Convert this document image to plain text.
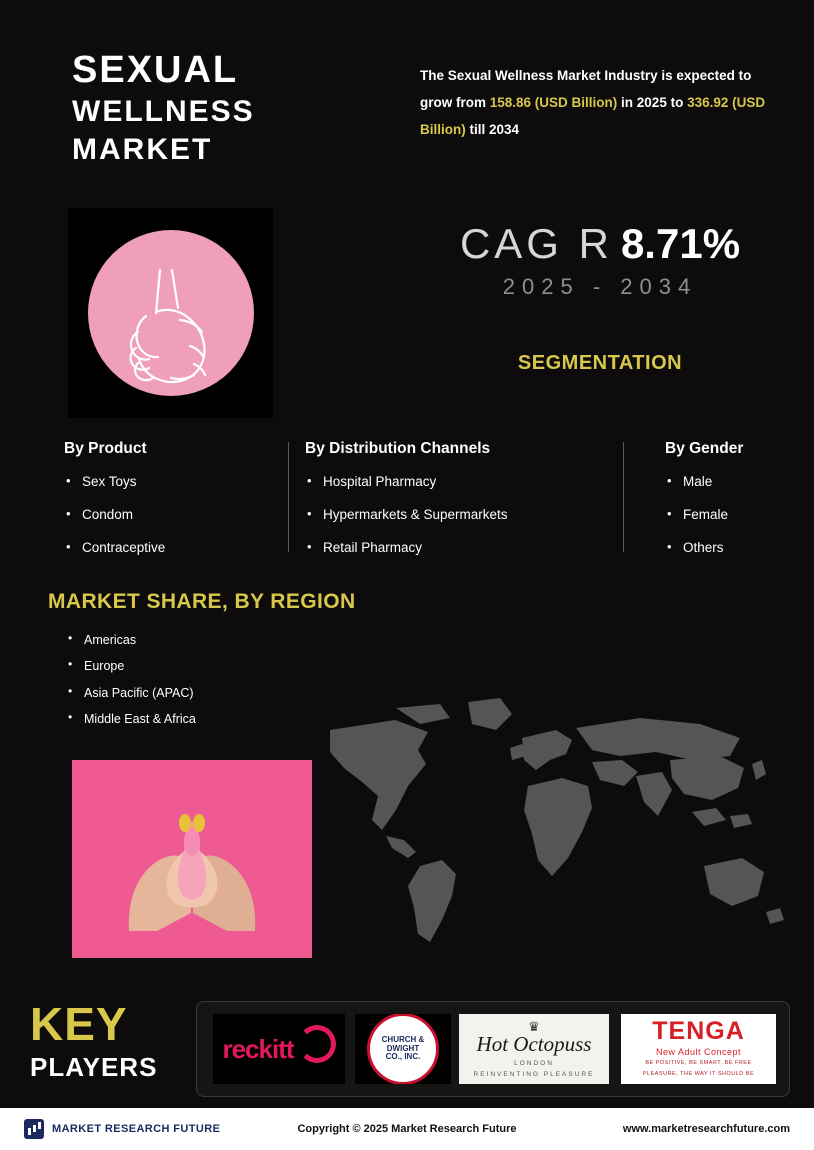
SEXUAL
WELLNESS
MARKET
The Sexual Wellness Market Industry is expected to grow from 158.86 (USD Billion) in 2025 to 336.92 (USD Billion) till 2034
CAG R 8.71%
2025 - 2034
SEGMENTATION
By Product
• Sex Toys
• Condom
• Contraceptive
By Distribution Channels
• Hospital Pharmacy
• Hypermarkets & Supermarkets
• Retail Pharmacy
By Gender
• Male
• Female
• Others
MARKET SHARE, BY REGION
• Americas
• Europe
• Asia Pacific (APAC)
• Middle East & Africa
KEY
PLAYERS
reckitt	CHURCH & DWIGHT
CO., INC.
♛
Hot Octopuss
LONDON
REINVENTING PLEASURE
TENGA
New Adult Concept
BE POSITIVE, BE SMART, BE FREE
PLEASURE, THE WAY IT SHOULD BE
MARKET RESEARCH FUTURE	Copyright © 2025 Market Research Future	www.marketresearchfuture.com
